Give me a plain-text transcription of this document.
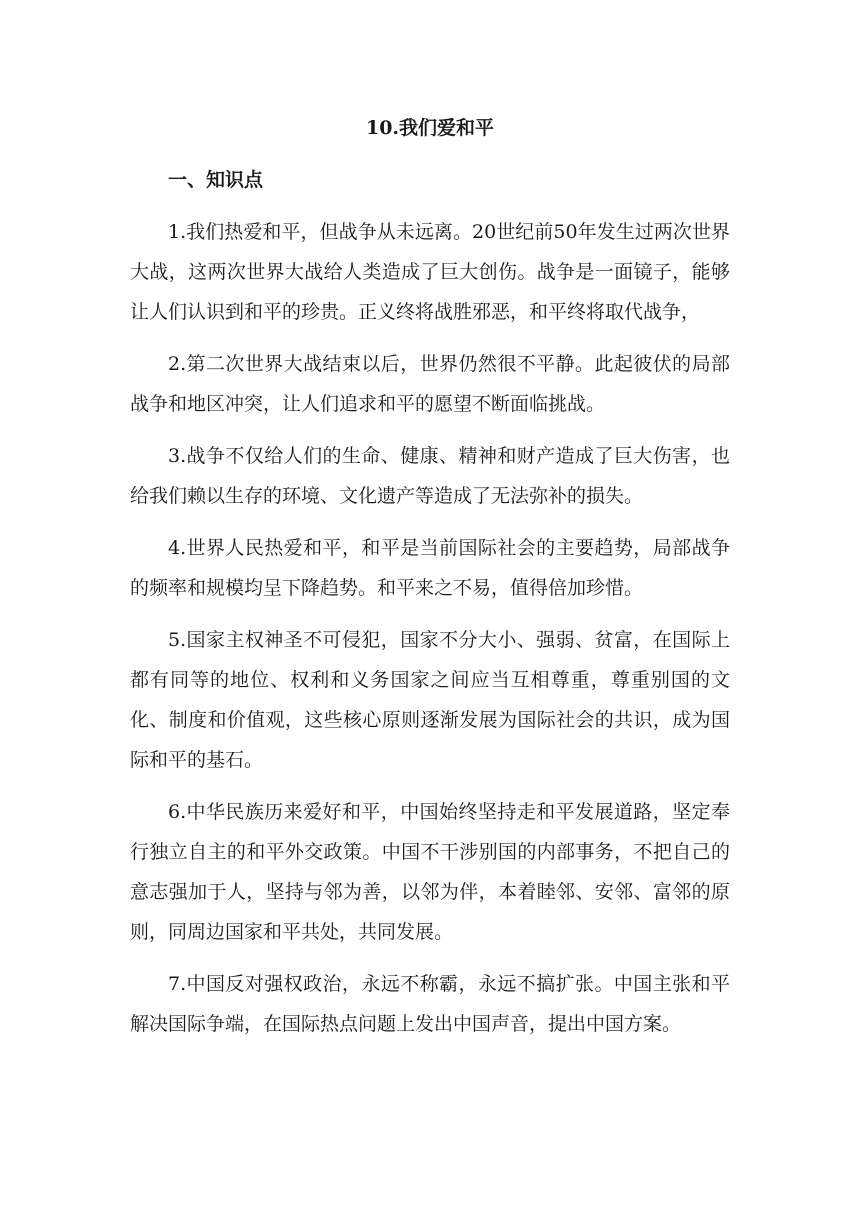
10.我们爱和平
一、知识点

1.我们热爱和平，但战争从未远离。20世纪前50年发生过两次世界大战，这两次世界大战给人类造成了巨大创伤。战争是一面镜子，能够让人们认识到和平的珍贵。正义终将战胜邪恶，和平终将取代战争，

2.第二次世界大战结束以后，世界仍然很不平静。此起彼伏的局部战争和地区冲突，让人们追求和平的愿望不断面临挑战。

3.战争不仅给人们的生命、健康、精神和财产造成了巨大伤害，也给我们赖以生存的环境、文化遗产等造成了无法弥补的损失。

4.世界人民热爱和平，和平是当前国际社会的主要趋势，局部战争的频率和规模均呈下降趋势。和平来之不易，值得倍加珍惜。

5.国家主权神圣不可侵犯，国家不分大小、强弱、贫富，在国际上都有同等的地位、权利和义务国家之间应当互相尊重，尊重别国的文化、制度和价值观，这些核心原则逐渐发展为国际社会的共识，成为国际和平的基石。

6.中华民族历来爱好和平，中国始终坚持走和平发展道路，坚定奉行独立自主的和平外交政策。中国不干涉别国的内部事务，不把自己的意志强加于人，坚持与邻为善，以邻为伴，本着睦邻、安邻、富邻的原则，同周边国家和平共处，共同发展。

7.中国反对强权政治，永远不称霸，永远不搞扩张。中国主张和平解决国际争端，在国际热点问题上发出中国声音，提出中国方案。
